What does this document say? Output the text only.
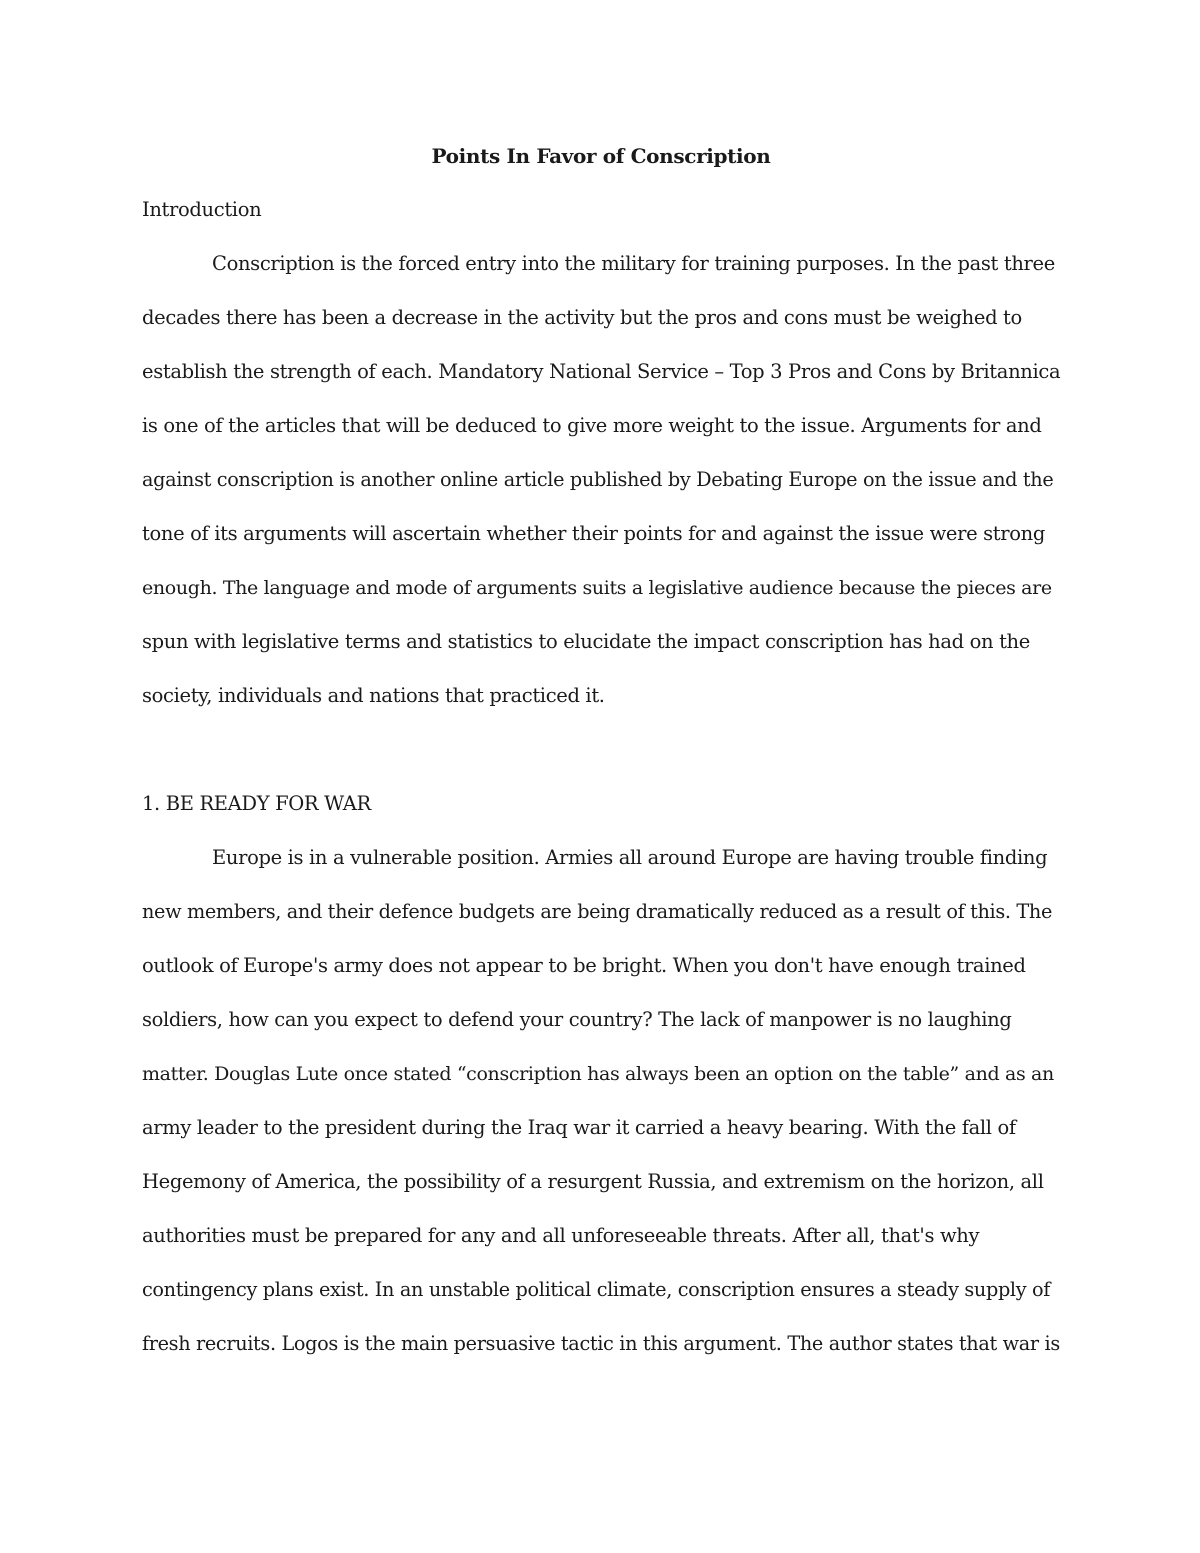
Points In Favor of Conscription
Introduction
Conscription is the forced entry into the military for training purposes. In the past three
decades there has been a decrease in the activity but the pros and cons must be weighed to
establish the strength of each. Mandatory National Service – Top 3 Pros and Cons by Britannica
is one of the articles that will be deduced to give more weight to the issue. Arguments for and
against conscription is another online article published by Debating Europe on the issue and the
tone of its arguments will ascertain whether their points for and against the issue were strong
enough. The language and mode of arguments suits a legislative audience because the pieces are
spun with legislative terms and statistics to elucidate the impact conscription has had on the
society, individuals and nations that practiced it.
1. BE READY FOR WAR
Europe is in a vulnerable position. Armies all around Europe are having trouble finding
new members, and their defence budgets are being dramatically reduced as a result of this. The
outlook of Europe's army does not appear to be bright. When you don't have enough trained
soldiers, how can you expect to defend your country? The lack of manpower is no laughing
matter. Douglas Lute once stated “conscription has always been an option on the table” and as an
army leader to the president during the Iraq war it carried a heavy bearing. With the fall of
Hegemony of America, the possibility of a resurgent Russia, and extremism on the horizon, all
authorities must be prepared for any and all unforeseeable threats. After all, that's why
contingency plans exist. In an unstable political climate, conscription ensures a steady supply of
fresh recruits. Logos is the main persuasive tactic in this argument. The author states that war is
